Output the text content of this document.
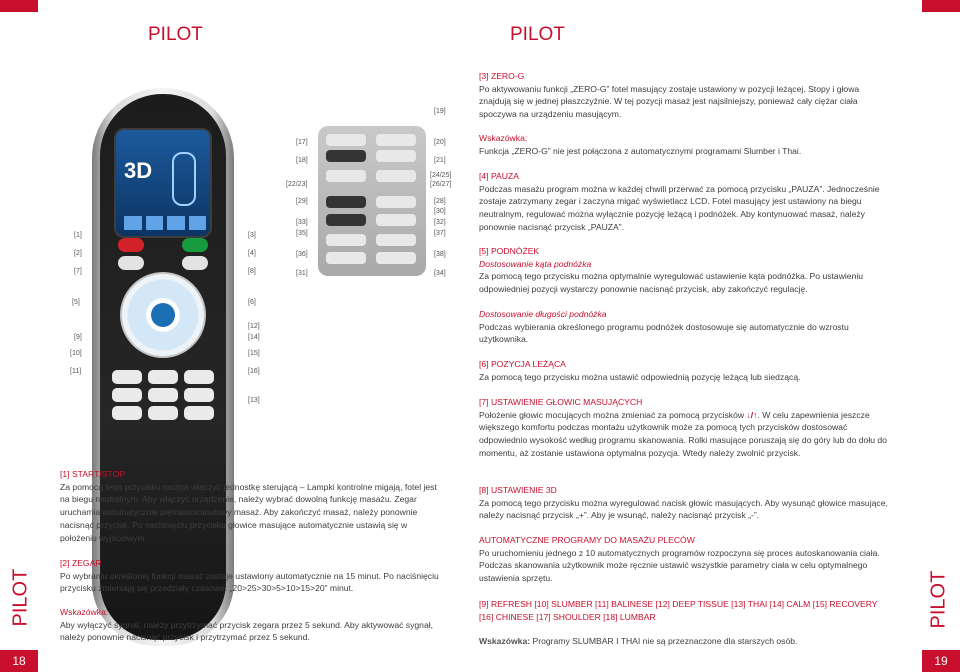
PILOT	PILOT
PILOT	PILOT
18	19
3D
[1]
[2]
[7]
[5]
[9]
[10]
[11]
[3]
[4]
[8]
[6]
[12]
[14]
[15]
[16]
[13]
[17]
[18]
[22/23]
[29]
[33]
[35]
[36]
[31]
[19]
[20]
[21]
[24/25]
[26/27]
[28]
[30]
[32]
[37]
[38]
[34]

[1] START/STOP

Za pomocą tego przycisku można włączyć jednostkę sterującą – Lampki kontrolne migają, fotel jest na biegu neutralnym. Aby włączyć urządzenie, należy wybrać dowolną funkcję masażu. Zegar uruchamia automatycznie piętnastominutowy masaż. Aby zakończyć masaż, należy ponownie nacisnąć przycisk. Po naciśnięciu przycisku głowice masujące automatycznie ustawią się w położeniu wyjściowym.

[2] ZEGAR

Po wybraniu określonej funkcji masaż zostaje ustawiony automatycznie na 15 minut. Po naciśnięciu przycisku zmieniają się przedziały czasowe: „20>25>30>5>10>15>20” minut.

Wskazówka:

Aby wyłączyć sygnał, należy przytrzymać przycisk zegara przez 5 sekund. Aby aktywować sygnał, należy ponownie nacisnąć przycisk i przytrzymać przez 5 sekund.

[3] ZERO-G

Po aktywowaniu funkcji „ZERO-G” fotel masujący zostaje ustawiony w pozycji leżącej. Stopy i głowa znajdują się w jednej płaszczyźnie. W tej pozycji masaż jest najsilniejszy, ponieważ cały ciężar ciała spoczywa na urządzeniu masującym.

Wskazówka:

Funkcja „ZERO-G” nie jest połączona z automatycznymi programami Slumber i Thai.

[4] PAUZA

Podczas masażu program można w każdej chwili przerwać za pomocą przycisku „PAUZA”. Jednocześnie zostaje zatrzymany zegar i zaczyna migać wyświetlacz LCD. Fotel masujący jest ustawiony na biegu neutralnym, regulować można wyłącznie pozycję leżącą i podnóżek. Aby kontynuować masaż, należy ponownie nacisnąć przycisk „PAUZA”.

[5] PODNÓŻEK

Dostosowanie kąta podnóżka

Za pomocą tego przycisku można optymalnie wyregulować ustawienie kąta podnóżka. Po ustawieniu odpowiedniej pozycji wystarczy ponownie nacisnąć przycisk, aby zakończyć regulację.

Dostosowanie długości podnóżka

Podczas wybierania określonego programu podnóżek dostosowuje się automatycznie do wzrostu użytkownika.

[6] POZYCJA LEŻĄCA

Za pomocą tego przycisku można ustawić odpowiednią pozycję leżącą lub siedzącą.

[7] USTAWIENIE GŁOWIC MASUJĄCYCH

Położenie głowic mocujących można zmieniać za pomocą przycisków ↓/↑. W celu zapewnienia jeszcze większego komfortu podczas montażu użytkownik może za pomocą tych przycisków dostosować odpowiednio wysokość według programu skanowania. Rolki masujące poruszają się do góry lub do dołu do momentu, aż zostanie ustawiona optymalna pozycja. Wtedy należy zwolnić przycisk.

[8] USTAWIENIE 3D

Za pomocą tego przycisku można wyregulować nacisk głowic masujących. Aby wysunąć głowice masujące, należy nacisnąć przycisk „+”. Aby je wsunąć, należy nacisnąć przycisk „-”.

AUTOMATYCZNE PROGRAMY DO MASAŻU PLECÓW

Po uruchomieniu jednego z 10 automatycznych programów rozpoczyna się proces autoskanowania ciała. Podczas skanowania użytkownik może ręcznie ustawić wszystkie parametry ciała w celu optymalnego ustawienia sprzętu.

[9] REFRESH [10] SLUMBER [11] BALINESE [12] DEEP TISSUE [13] THAI [14] CALM [15] RECOVERY

[16] CHINESE [17] SHOULDER [18] LUMBAR

Wskazówka: Programy SLUMBAR I THAI nie są przeznaczone dla starszych osób.
